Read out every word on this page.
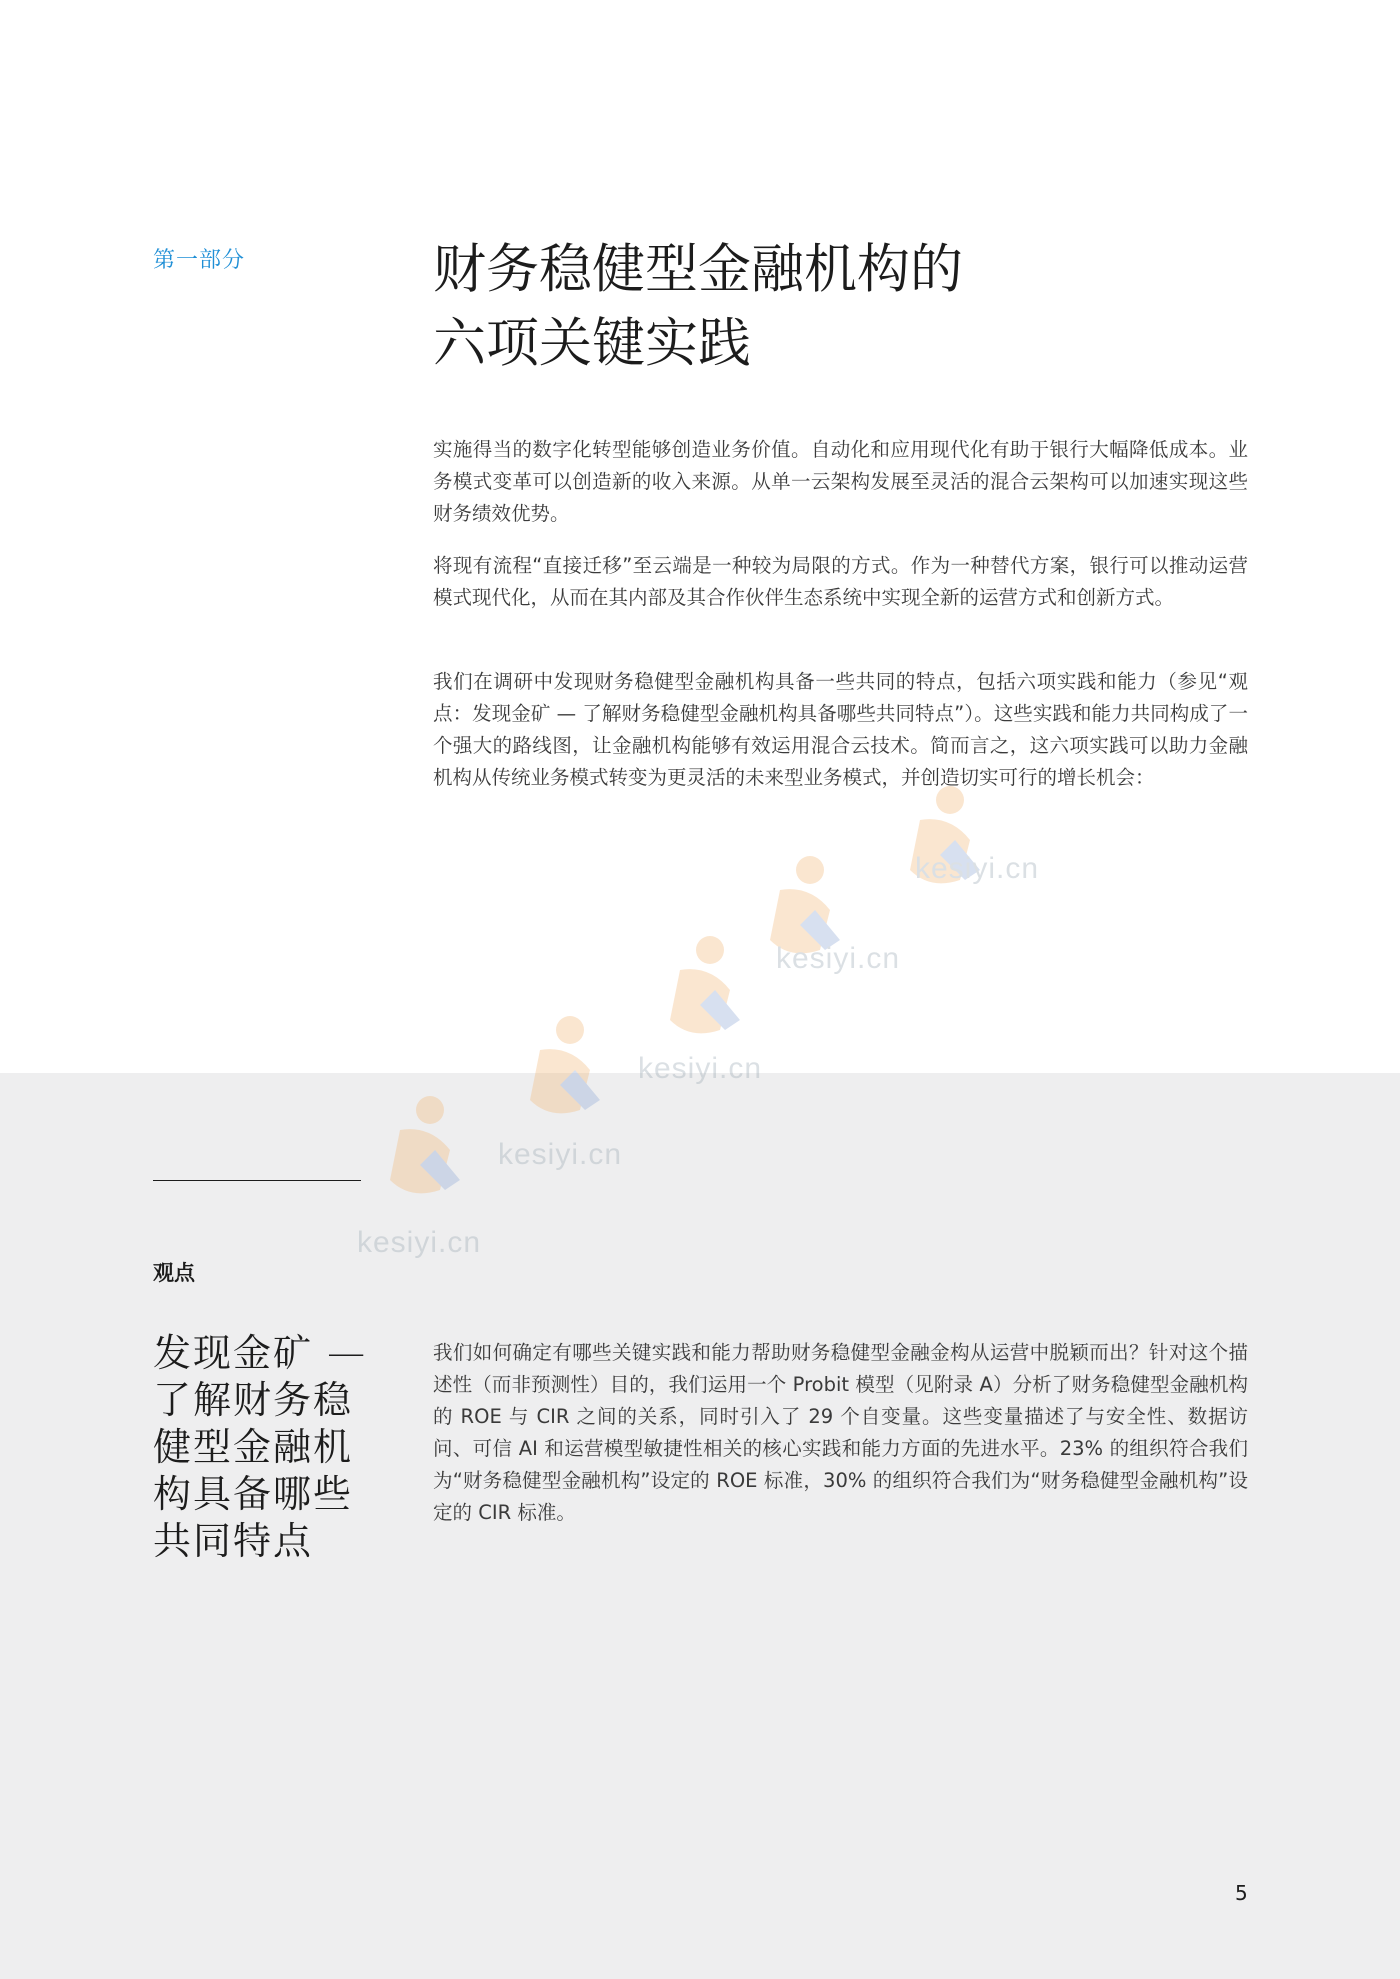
第一部分	财务稳健型金融机构的
六项关键实践

实施得当的数字化转型能够创造业务价值。自动化和应用现代化有助于银行大幅降低成本。业务模式变革可以创造新的收入来源。从单一云架构发展至灵活的混合云架构可以加速实现这些财务绩效优势。

将现有流程“直接迁移”至云端是一种较为局限的方式。作为一种替代方案，银行可以推动运营模式现代化，从而在其内部及其合作伙伴生态系统中实现全新的运营方式和创新方式。

我们在调研中发现财务稳健型金融机构具备一些共同的特点，包括六项实践和能力（参见“观点：发现金矿 — 了解财务稳健型金融机构具备哪些共同特点”）。这些实践和能力共同构成了一个强大的路线图，让金融机构能够有效运用混合云技术。简而言之，这六项实践可以助力金融机构从传统业务模式转变为更灵活的未来型业务模式，并创造切实可行的增长机会：

kesiyi.cn
kesiyi.cn
kesiyi.cn
kesiyi.cn
kesiyi.cn
观点
发现金矿 —
了解财务稳
健型金融机
构具备哪些
共同特点

我们如何确定有哪些关键实践和能力帮助财务稳健型金融金构从运营中脱颖而出？针对这个描述性（而非预测性）目的，我们运用一个 Probit 模型（见附录 A）分析了财务稳健型金融机构的 ROE 与 CIR 之间的关系，同时引入了 29 个自变量。这些变量描述了与安全性、数据访问、可信 AI 和运营模型敏捷性相关的核心实践和能力方面的先进水平。23% 的组织符合我们为“财务稳健型金融机构”设定的 ROE 标准，30% 的组织符合我们为“财务稳健型金融机构”设定的 CIR 标准。

5
